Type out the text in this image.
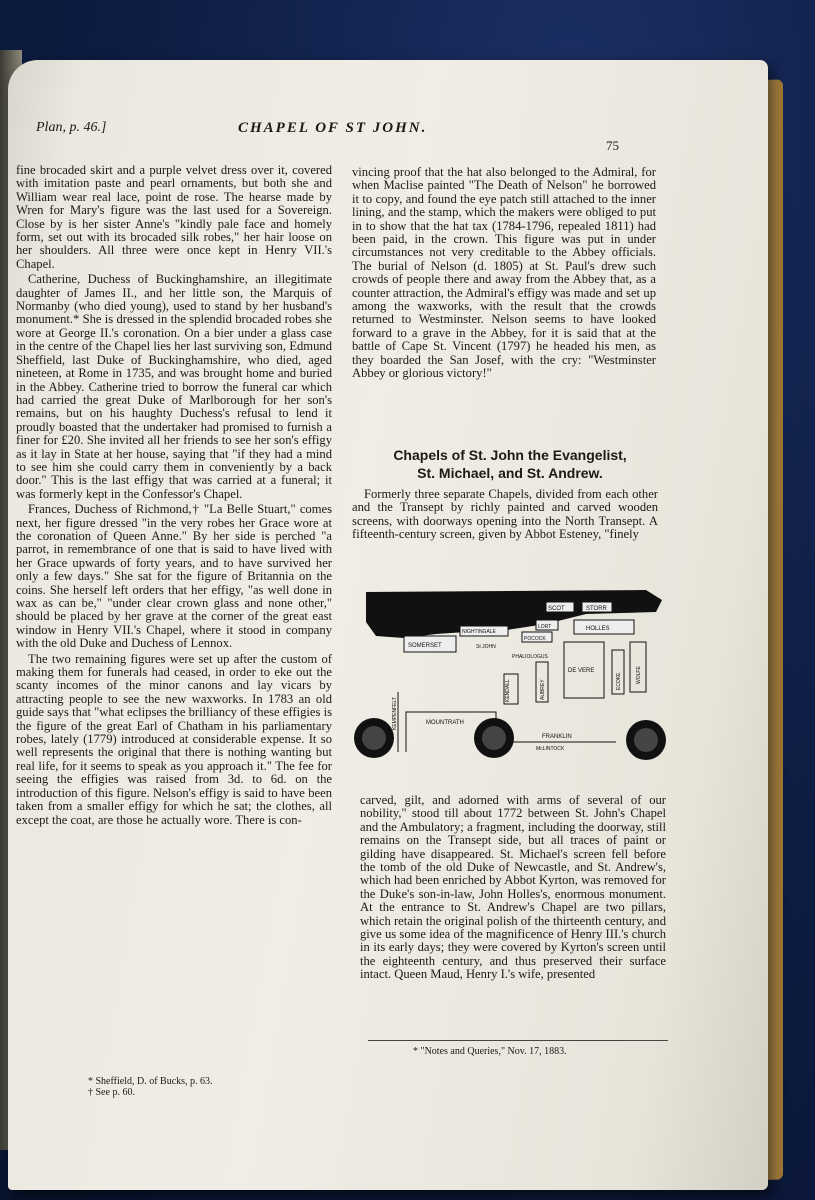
Plan, p. 46.]	CHAPEL OF ST JOHN.
75

fine brocaded skirt and a purple velvet dress over it, covered with imitation paste and pearl ornaments, but both she and William wear real lace, point de rose. The hearse made by Wren for Mary's figure was the last used for a Sovereign. Close by is her sister Anne's "kindly pale face and homely form, set out with its brocaded silk robes," her hair loose on her shoulders. All three were once kept in Henry VII.'s Chapel.

Catherine, Duchess of Buckinghamshire, an illegitimate daughter of James II., and her little son, the Marquis of Normanby (who died young), used to stand by her husband's monument.* She is dressed in the splendid brocaded robes she wore at George II.'s coronation. On a bier under a glass case in the centre of the Chapel lies her last surviving son, Edmund Sheffield, last Duke of Buckinghamshire, who died, aged nineteen, at Rome in 1735, and was brought home and buried in the Abbey. Catherine tried to borrow the funeral car which had carried the great Duke of Marlborough for her son's remains, but on his haughty Duchess's refusal to lend it proudly boasted that the undertaker had promised to furnish a finer for £20. She invited all her friends to see her son's effigy as it lay in State at her house, saying that "if they had a mind to see him she could carry them in conveniently by a back door." This is the last effigy that was carried at a funeral; it was formerly kept in the Confessor's Chapel.

Frances, Duchess of Richmond,† "La Belle Stuart," comes next, her figure dressed "in the very robes her Grace wore at the coronation of Queen Anne." By her side is perched "a parrot, in remembrance of one that is said to have lived with her Grace upwards of forty years, and to have survived her only a few days." She sat for the figure of Britannia on the coins. She herself left orders that her effigy, "as well done in wax as can be," "under clear crown glass and none other," should be placed by her grave at the corner of the great east window in Henry VII.'s Chapel, where it stood in company with the old Duke and Duchess of Lennox.

The two remaining figures were set up after the custom of making them for funerals had ceased, in order to eke out the scanty incomes of the minor canons and lay vicars by attracting people to see the new waxworks. In 1783 an old guide says that "what eclipses the brilliancy of these effigies is the figure of the great Earl of Chatham in his parliamentary robes, lately (1779) introduced at considerable expense. It so well represents the original that there is nothing wanting but real life, for it seems to speak as you approach it." The fee for seeing the effigies was raised from 3d. to 6d. on the introduction of this figure. Nelson's effigy is said to have been taken from a smaller effigy for which he sat; the clothes, all except the coat, are those he actually wore. There is con-

* Sheffield, D. of Bucks, p. 63.
† See p. 60.

vincing proof that the hat also belonged to the Admiral, for when Maclise painted "The Death of Nelson" he borrowed it to copy, and found the eye patch still attached to the inner lining, and the stamp, which the makers were obliged to put in to show that the hat tax (1784-1796, repealed 1811) had been paid, in the crown. This figure was put in under circumstances not very creditable to the Abbey officials. The burial of Nelson (d. 1805) at St. Paul's drew such crowds of people there and away from the Abbey that, as a counter attraction, the Admiral's effigy was made and set up among the waxworks, with the result that the crowds returned to Westminster. Nelson seems to have looked forward to a grave in the Abbey, for it is said that at the battle of Cape St. Vincent (1797) he headed his men, as they boarded the San Josef, with the cry: "Westminster Abbey or glorious victory!"

Chapels of St. John the Evangelist,
St. Michael, and St. Andrew.

Formerly three separate Chapels, divided from each other and the Transept by richly painted and carved wooden screens, with doorways opening into the North Transept. A fifteenth-century screen, given by Abbot Esteney, "finely

SCOT	STORR
LORT	HOLLES
SOMERSET
NIGHTINGALE
POCOCK
St JOHN
PHALIOLOGUS
DE VERE
KENDALL	AUBREY	ECOKE	WOLFE
KEMPENFELT	MOUNTRATH
FRANKLIN
McLINTOCK

carved, gilt, and adorned with arms of several of our nobility," stood till about 1772 between St. John's Chapel and the Ambulatory; a fragment, including the doorway, still remains on the Transept side, but all traces of paint or gilding have disappeared. St. Michael's screen fell before the tomb of the old Duke of Newcastle, and St. Andrew's, which had been enriched by Abbot Kyrton, was removed for the Duke's son-in-law, John Holles's, enormous monument. At the entrance to St. Andrew's Chapel are two pillars, which retain the original polish of the thirteenth century, and give us some idea of the magnificence of Henry III.'s church in its early days; they were covered by Kyrton's screen until the eighteenth century, and thus preserved their surface intact. Queen Maud, Henry I.'s wife, presented

* "Notes and Queries," Nov. 17, 1883.
